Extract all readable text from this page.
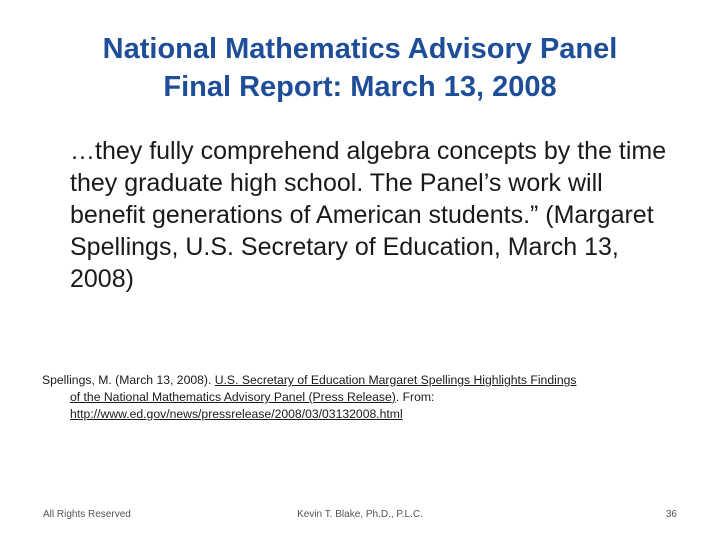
National Mathematics Advisory Panel
Final Report: March 13, 2008
…they fully comprehend algebra concepts by the time they graduate high school. The Panel’s work will benefit generations of American students.” (Margaret Spellings, U.S. Secretary of Education, March 13, 2008)
Spellings, M. (March 13, 2008). U.S. Secretary of Education Margaret Spellings Highlights Findings
of the National Mathematics Advisory Panel (Press Release). From:
http://www.ed.gov/news/pressrelease/2008/03/03132008.html
All Rights Reserved	Kevin T. Blake, Ph.D., P.L.C.	36
